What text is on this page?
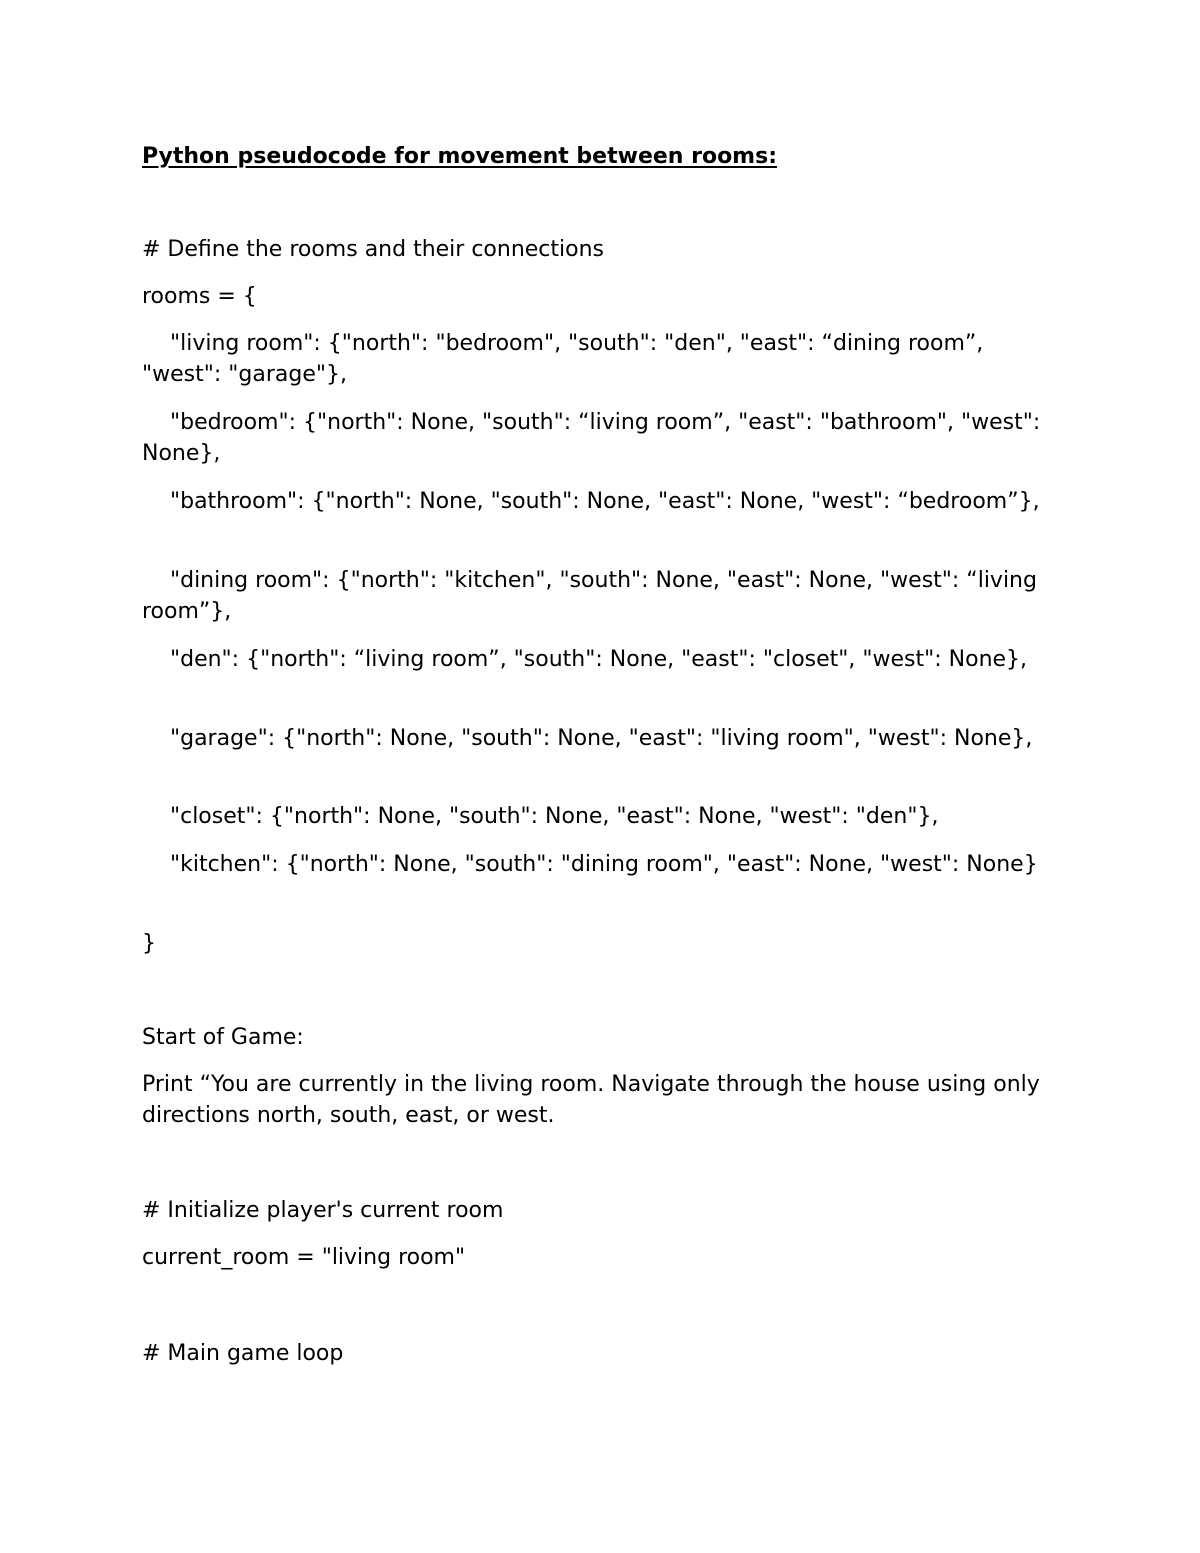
Python pseudocode for movement between rooms:

# Define the rooms and their connections

rooms = {

"living room": {"north": "bedroom", "south": "den", "east": “dining room”, "west": "garage"},

"bedroom": {"north": None, "south": “living room”, "east": "bathroom", "west": None},

"bathroom": {"north": None, "south": None, "east": None, "west": “bedroom”},

"dining room": {"north": "kitchen", "south": None, "east": None, "west": “living room”},

"den": {"north": “living room”, "south": None, "east": "closet", "west": None},

"garage": {"north": None, "south": None, "east": "living room", "west": None},

"closet": {"north": None, "south": None, "east": None, "west": "den"},

"kitchen": {"north": None, "south": "dining room", "east": None, "west": None}

}

Start of Game:

Print “You are currently in the living room. Navigate through the house using only directions north, south, east, or west.

# Initialize player's current room

current_room = "living room"

# Main game loop
